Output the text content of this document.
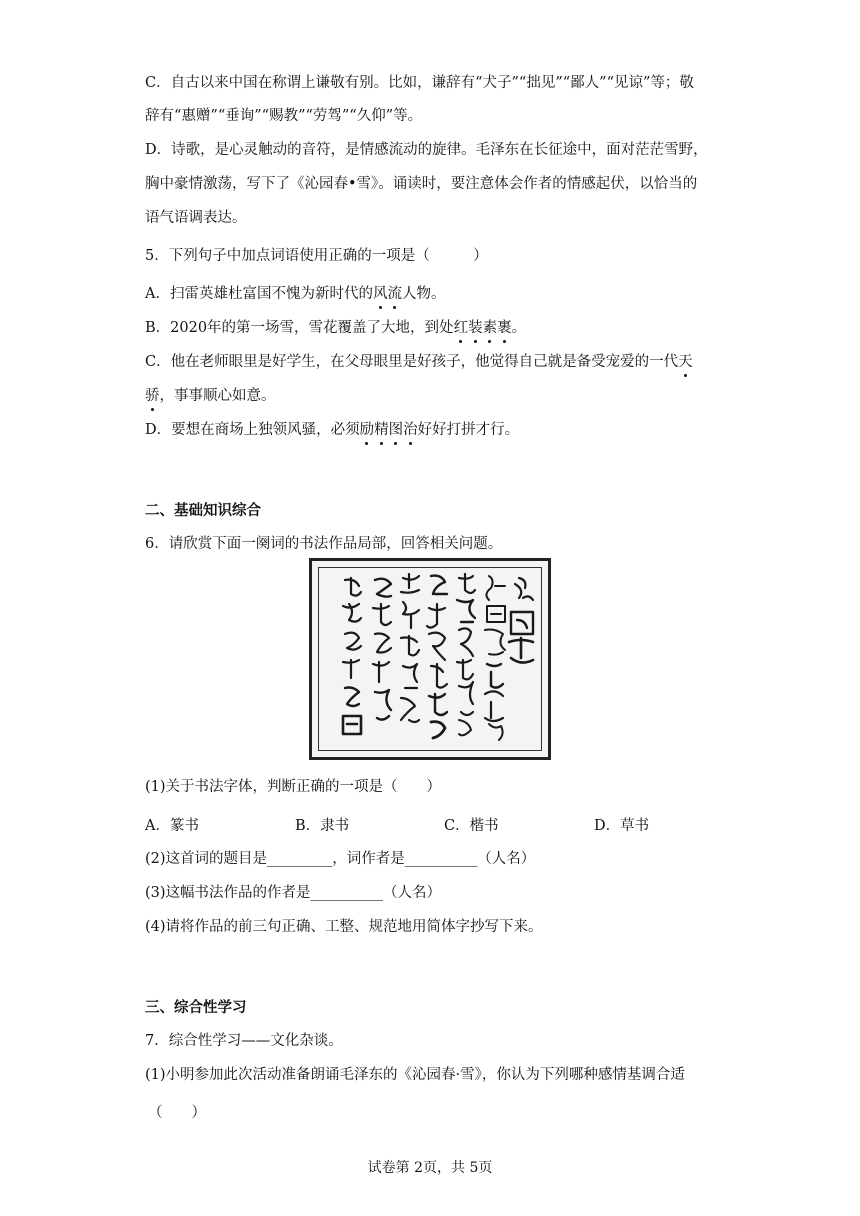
C．自古以来中国在称谓上谦敬有别。比如，谦辞有“犬子”“拙见”“鄙人”“见谅”等；敬
辞有“惠赠”“垂询”“赐教”“劳驾”“久仰”等。
D．诗歌，是心灵触动的音符，是情感流动的旋律。毛泽东在长征途中，面对茫茫雪野，
胸中豪情激荡，写下了《沁园春•雪》。诵读时，要注意体会作者的情感起伏，以恰当的
语气语调表达。
5．下列句子中加点词语使用正确的一项是（　　　）
A．扫雷英雄杜富国不愧为新时代的风流人物。
B．2020年的第一场雪，雪花覆盖了大地，到处红装素裹。
C．他在老师眼里是好学生，在父母眼里是好孩子，他觉得自己就是备受宠爱的一代天
骄，事事顺心如意。
D．要想在商场上独领风骚，必须励精图治好好打拼才行。
二、基础知识综合
6．请欣赏下面一阕词的书法作品局部，回答相关问题。
(1)关于书法字体，判断正确的一项是（　　）
A．篆书	B．隶书	C．楷书	D．草书
(2)这首词的题目是_________，词作者是__________（人名）
(3)这幅书法作品的作者是__________（人名）
(4)请将作品的前三句正确、工整、规范地用简体字抄写下来。
三、综合性学习
7．综合性学习——文化杂谈。
(1)小明参加此次活动准备朗诵毛泽东的《沁园春·雪》，你认为下列哪种感情基调合适
（　　）
试卷第 2页，共 5页
